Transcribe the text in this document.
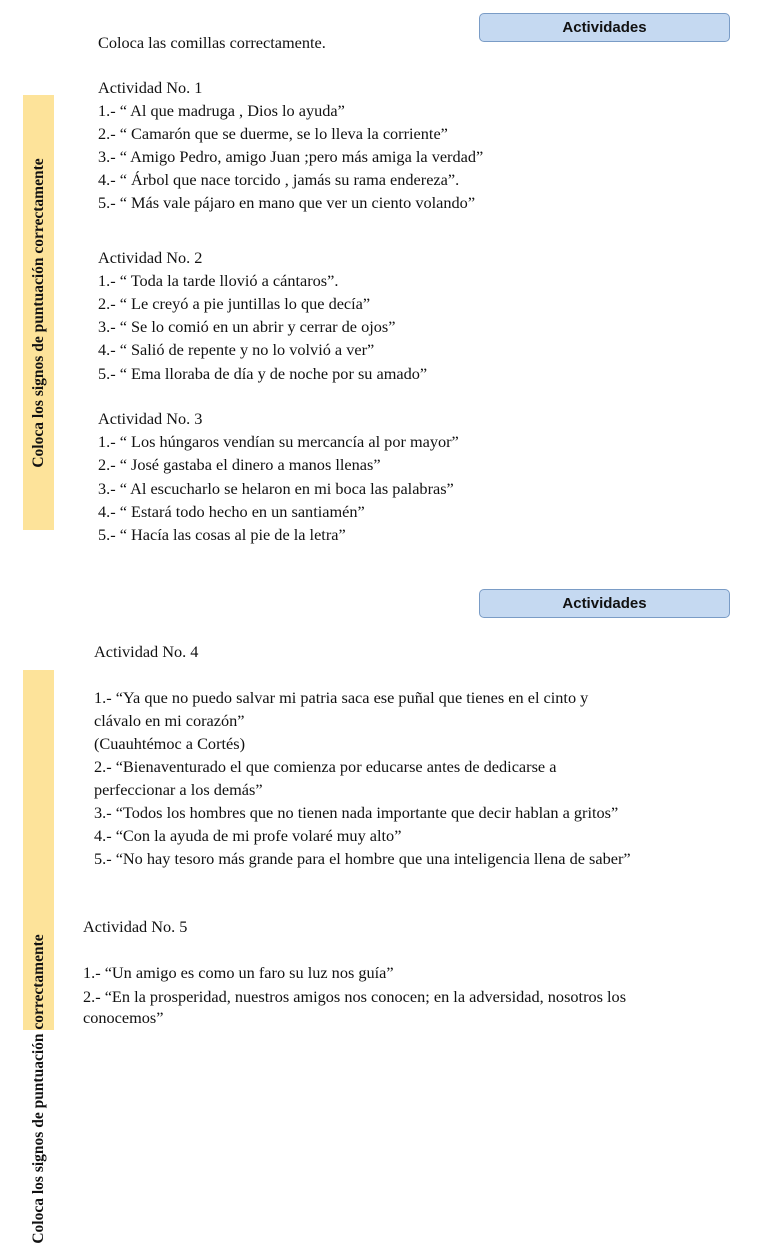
Actividades
Coloca los signos de puntuación correctamente
Coloca las comillas correctamente.
Actividad No. 1
1.- “ Al que madruga , Dios lo ayuda”
2.- “ Camarón que se duerme, se lo lleva la corriente”
3.- “ Amigo Pedro, amigo Juan ;pero más amiga la verdad”
4.- “ Árbol que nace torcido , jamás su rama endereza”.
5.- “ Más vale pájaro en mano que ver un ciento volando”
Actividad No. 2
1.- “ Toda la tarde llovió a cántaros”.
2.- “ Le creyó a pie juntillas lo que decía”
3.- “ Se lo comió en un abrir y cerrar de ojos”
4.- “ Salió de repente y no lo volvió a ver”
5.- “ Ema lloraba de día y de noche por su amado”
Actividad No. 3
1.- “ Los húngaros vendían su mercancía al por mayor”
2.- “ José gastaba el dinero a manos llenas”
3.- “ Al escucharlo se helaron en mi boca las palabras”
4.- “ Estará todo hecho en un santiamén”
5.- “ Hacía las cosas al pie de la letra”
Actividades
Coloca los signos de puntuación correctamente
Actividad No. 4
1.- “Ya que no puedo salvar mi patria saca ese puñal que tienes en el cinto y
clávalo en mi corazón”
(Cuauhtémoc a Cortés)
2.- “Bienaventurado el que comienza por educarse antes de dedicarse a
perfeccionar a los demás”
3.- “Todos los hombres que no tienen nada importante que decir hablan a gritos”
4.- “Con la ayuda de mi profe volaré muy alto”
5.- “No hay tesoro más grande para el hombre que una inteligencia llena de saber”
Actividad No. 5
1.- “Un amigo es como un faro su luz nos guía”
2.- “En la prosperidad, nuestros amigos nos conocen; en la adversidad, nosotros los
conocemos”
